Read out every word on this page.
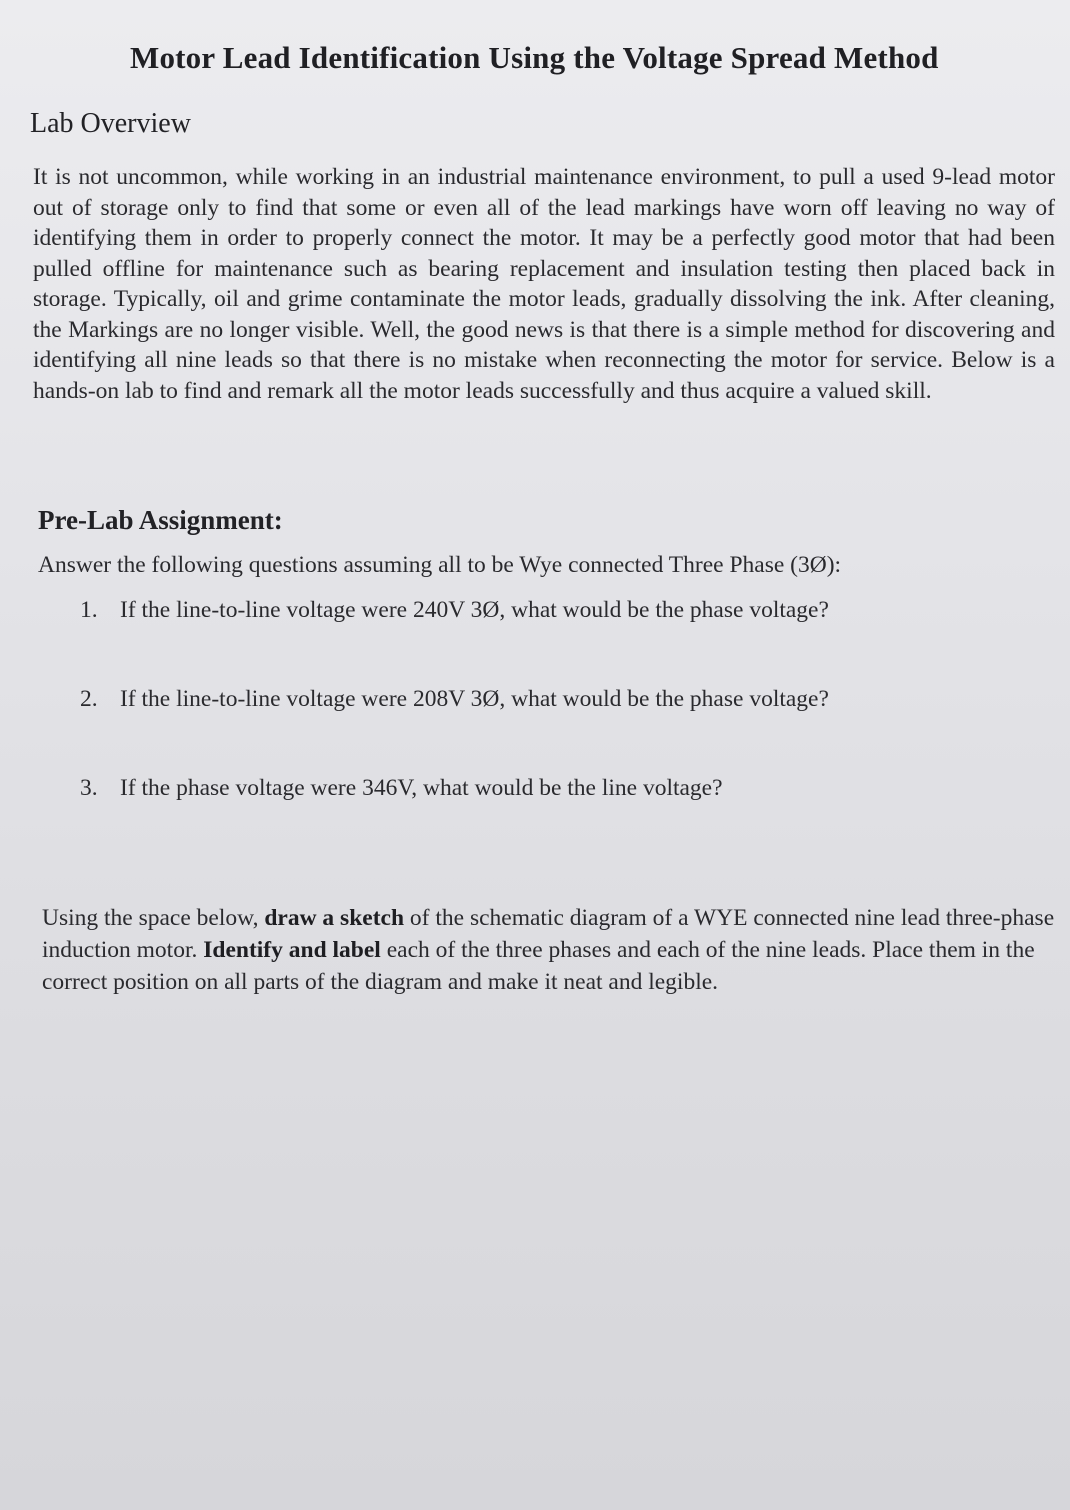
Motor Lead Identification Using the Voltage Spread Method
Lab Overview
It is not uncommon, while working in an industrial maintenance environment, to pull a used 9-lead motor out of storage only to find that some or even all of the lead markings have worn off leaving no way of identifying them in order to properly connect the motor. It may be a perfectly good motor that had been pulled offline for maintenance such as bearing replacement and insulation testing then placed back in storage. Typically, oil and grime contaminate the motor leads, gradually dissolving the ink. After cleaning, the Markings are no longer visible. Well, the good news is that there is a simple method for discovering and identifying all nine leads so that there is no mistake when reconnecting the motor for service. Below is a hands-on lab to find and remark all the motor leads successfully and thus acquire a valued skill.
Pre-Lab Assignment:
Answer the following questions assuming all to be Wye connected Three Phase (3Ø):
1. If the line-to-line voltage were 240V 3Ø, what would be the phase voltage?
2. If the line-to-line voltage were 208V 3Ø, what would be the phase voltage?
3. If the phase voltage were 346V, what would be the line voltage?
Using the space below, draw a sketch of the schematic diagram of a WYE connected nine lead three-phase induction motor. Identify and label each of the three phases and each of the nine leads. Place them in the correct position on all parts of the diagram and make it neat and legible.
